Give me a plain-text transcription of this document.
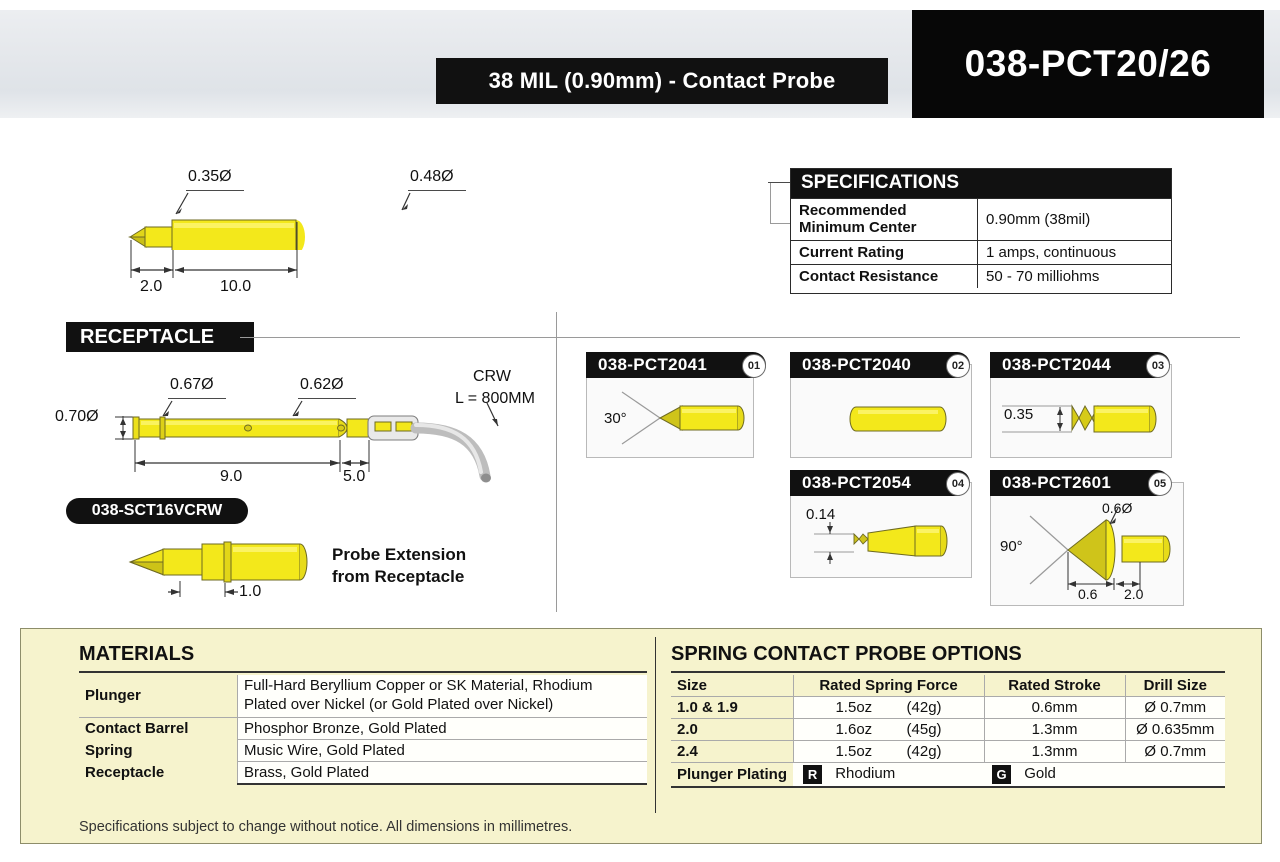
38 MIL (0.90mm) - Contact Probe	038-PCT20/26
0.35Ø	0.48Ø
2.0	10.0
SPECIFICATIONS
Recommended
Minimum Center	0.90mm (38mil)
Current Rating	1 amps, continuous
Contact Resistance	50 - 70 milliohms
RECEPTACLE
0.70Ø
0.67Ø	0.62Ø	CRW
L = 800MM
9.0	5.0
038-SCT16VCRW
1.0
Probe Extension
from Receptacle
038-PCT2041	01
30°
038-PCT2040	02 038-PCT2044	03
0.35
038-PCT2054	04
0.14
038-PCT2601	05
90°
0.6Ø
0.6 2.0
MATERIALS
Plunger	Full-Hard Beryllium Copper or SK Material, Rhodium
Plated over Nickel (or Gold Plated over Nickel)

Contact Barrel	Phosphor Bronze, Gold Plated
Spring	Music Wire, Gold Plated
Receptacle	Brass, Gold Plated
SPRING CONTACT PROBE OPTIONS
Size	Rated Spring Force	Rated Stroke	Drill Size
1.0 & 1.9	1.5oz (42g)	0.6mm	Ø 0.7mm
2.0	1.6oz (45g)	1.3mm	Ø 0.635mm
2.4	1.5oz (42g)	1.3mm	Ø 0.7mm
Plunger Plating	R Rhodium	G Gold	
Specifications subject to change without notice. All dimensions in millimetres.
